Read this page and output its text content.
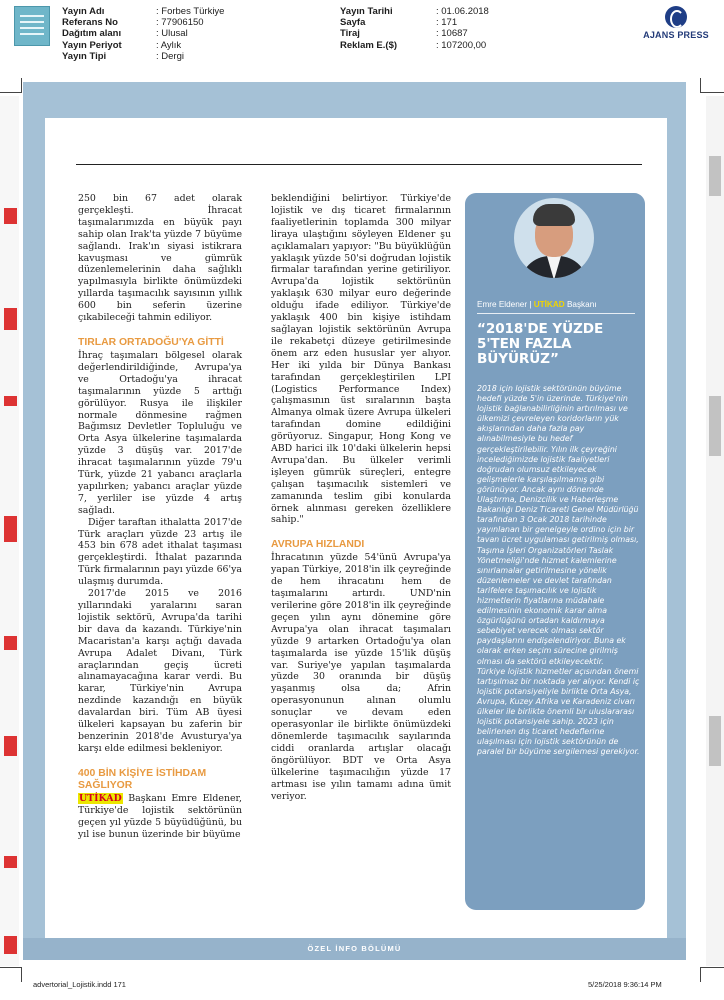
Yayın Adı	: Forbes Türkiye
Referans No	: 77906150
Dağıtım alanı	: Ulusal
Yayın Periyot	: Aylık
Yayın Tipi	: Dergi
Yayın Tarihi	: 01.06.2018
Sayfa	: 171
Tiraj	: 10687
Reklam E.($)	: 107200,00
AJANS PRESS

250 bin 67 adet olarak gerçekleşti. İhracat taşımalarımızda en büyük payı sahip olan Irak'ta yüzde 7 büyüme sağlandı. Irak'ın siyasi istikrara kavuşması ve gümrük düzenlemelerinin daha sağlıklı yapılmasıyla birlikte önümüzdeki yıllarda taşımacılık sayısının yıllık 600 bin seferin üzerine çıkabileceği tahmin ediliyor.

TIRLAR ORTADOĞU'YA GİTTİ

İhraç taşımaları bölgesel olarak değerlendirildiğinde, Avrupa'ya ve Ortadoğu'ya ihracat taşımalarının yüzde 5 arttığı görülüyor. Rusya ile ilişkiler normale dönmesine rağmen Bağımsız Devletler Topluluğu ve Orta Asya ülkelerine taşımalarda yüzde 3 düşüş var. 2017'de ihracat taşımalarının yüzde 79'u Türk, yüzde 21 yabancı araçlarla yapılırken; yabancı araçlar yüzde 7, yerliler ise yüzde 4 artış sağladı.

Diğer taraftan ithalatta 2017'de Türk araçları yüzde 23 artış ile 453 bin 678 adet ithalat taşıması gerçekleştirdi. İthalat pazarında Türk firmalarının payı yüzde 66'ya ulaşmış durumda.

2017'de 2015 ve 2016 yıllarındaki yaralarını saran lojistik sektörü, Avrupa'da tarihi bir dava da kazandı. Türkiye'nin Macaristan'a karşı açtığı davada Avrupa Adalet Divanı, Türk araçlarından geçiş ücreti alınamayacağına karar verdi. Bu karar, Türkiye'nin Avrupa nezdinde kazandığı en büyük davalardan biri. Tüm AB üyesi ülkeleri kapsayan bu zaferin bir benzerinin 2018'de Avusturya'ya karşı elde edilmesi bekleniyor.

400 BİN KİŞİYE İSTİHDAM SAĞLIYOR

UTİKAD Başkanı Emre Eldener, Türkiye'de lojistik sektörünün geçen yıl yüzde 5 büyüdüğünü, bu yıl ise bunun üzerinde bir büyüme

beklendiğini belirtiyor. Türkiye'de lojistik ve dış ticaret firmalarının faaliyetlerinin toplamda 300 milyar liraya ulaştığını söyleyen Eldener şu açıklamaları yapıyor: "Bu büyüklüğün yaklaşık yüzde 50'si doğrudan lojistik firmalar tarafından yerine getiriliyor. Avrupa'da lojistik sektörünün yaklaşık 630 milyar euro değerinde olduğu ifade ediliyor. Türkiye'de yaklaşık 400 bin kişiye istihdam sağlayan lojistik sektörünün Avrupa ile rekabetçi düzeye getirilmesinde önem arz eden hususlar yer alıyor. Her iki yılda bir Dünya Bankası tarafından gerçekleştirilen LPI (Logistics Performance Index) çalışmasının üst sıralarının başta Almanya olmak üzere Avrupa ülkeleri tarafından domine edildiğini görüyoruz. Singapur, Hong Kong ve ABD harici ilk 10'daki ülkelerin hepsi Avrupa'dan. Bu ülkeler verimli işleyen gümrük süreçleri, entegre çalışan taşımacılık sistemleri ve zamanında teslim gibi konularda örnek alınması gereken özelliklere sahip."

AVRUPA HIZLANDI

İhracatının yüzde 54'ünü Avrupa'ya yapan Türkiye, 2018'in ilk çeyreğinde de hem ihracatını hem de taşımalarını artırdı. UND'nin verilerine göre 2018'in ilk çeyreğinde geçen yılın aynı dönemine göre Avrupa'ya olan ihracat taşımaları yüzde 9 artarken Ortadoğu'ya olan taşımalarda ise yüzde 15'lik düşüş var. Suriye'ye yapılan taşımalarda yüzde 30 oranında bir düşüş yaşanmış olsa da; Afrin operasyonunun alınan olumlu sonuçlar ve devam eden operasyonlar ile birlikte önümüzdeki dönemlerde taşımacılık sayılarında ciddi oranlarda artışlar olacağı öngörülüyor. BDT ve Orta Asya ülkelerine taşımacılığın yüzde 17 artması ise yılın tamamı adına ümit veriyor.

Emre Eldener | UTİKAD Başkanı
“2018'DE YÜZDE 5'TEN FAZLA BÜYÜRÜZ”

2018 için lojistik sektörünün büyüme hedefi yüzde 5'in üzerinde. Türkiye'nin lojistik bağlanabilirliğinin artırılması ve ülkemizi çevreleyen koridorların yük akışlarından daha fazla pay alınabilmesiyle bu hedef gerçekleştirilebilir. Yılın ilk çeyreğini incelediğimizde lojistik faaliyetleri doğrudan olumsuz etkileyecek gelişmelerle karşılaşılmamış gibi görünüyor. Ancak aynı dönemde Ulaştırma, Denizcilik ve Haberleşme Bakanlığı Deniz Ticareti Genel Müdürlüğü tarafından 3 Ocak 2018 tarihinde yayınlanan bir genelgeyle ordino için bir tavan ücret uygulaması getirilmiş olması, Taşıma İşleri Organizatörleri Taslak Yönetmeliği'nde hizmet kalemlerine sınırlamalar getirilmesine yönelik düzenlemeler ve devlet tarafından tarifelere taşımacılık ve lojistik hizmetlerin fiyatlarına müdahale edilmesinin ekonomik karar alma özgürlüğünü ortadan kaldırmaya sebebiyet verecek olması sektör paydaşlarını endişelendiriyor. Buna ek olarak erken seçim sürecine girilmiş olması da sektörü etkileyecektir.

Türkiye lojistik hizmetler açısından önemi tartışılmaz bir noktada yer alıyor. Kendi iç lojistik potansiyeliyle birlikte Orta Asya, Avrupa, Kuzey Afrika ve Karadeniz civarı ülkeler ile birlikte önemli bir uluslararası lojistik potansiyele sahip. 2023 için belirlenen dış ticaret hedeflerine ulaşılması için lojistik sektörünün de paralel bir büyüme sergilemesi gerekiyor.

ÖZEL İNFO BÖLÜMÜ
advertorial_Lojistik.indd 171	5/25/2018 9:36:14 PM
